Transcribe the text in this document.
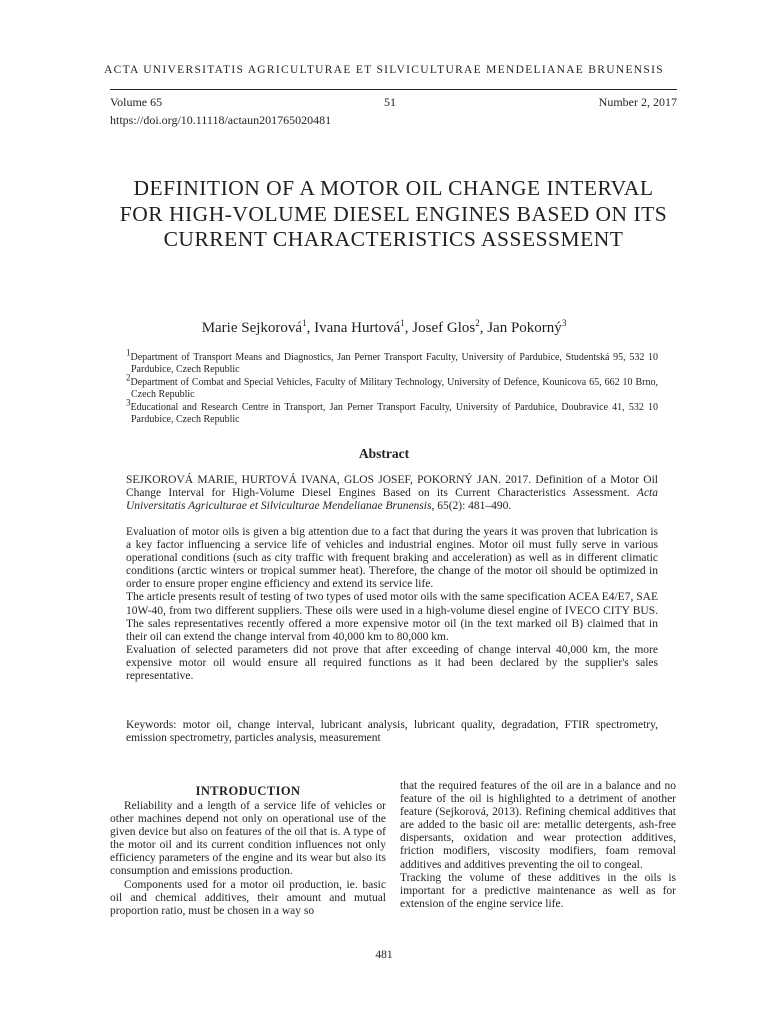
ACTA UNIVERSITATIS AGRICULTURAE ET SILVICULTURAE MENDELIANAE BRUNENSIS
Volume 65	51	Number 2, 2017
https://doi.org/10.11118/actaun201765020481
DEFINITION OF A MOTOR OIL CHANGE INTERVAL FOR HIGH-VOLUME DIESEL ENGINES BASED ON ITS CURRENT CHARACTERISTICS ASSESSMENT
Marie Sejkorová$^1$, Ivana Hurtová$^1$, Josef Glos$^2$, Jan Pokorný$^3$

$^1$Department of Transport Means and Diagnostics, Jan Perner Transport Faculty, University of Pardubice, Studentská 95, 532 10 Pardubice, Czech Republic

$^2$Department of Combat and Special Vehicles, Faculty of Military Technology, University of Defence, Kounicova 65, 662 10 Brno, Czech Republic

$^3$Educational and Research Centre in Transport, Jan Perner Transport Faculty, University of Pardubice, Doubravice 41, 532 10 Pardubice, Czech Republic

Abstract

SEJKOROVÁ MARIE, HURTOVÁ IVANA, GLOS JOSEF, POKORNÝ JAN. 2017. Definition of a Motor Oil Change Interval for High-Volume Diesel Engines Based on its Current Characteristics Assessment. Acta Universitatis Agriculturae et Silviculturae Mendelianae Brunensis, 65(2): 481–490.

Evaluation of motor oils is given a big attention due to a fact that during the years it was proven that lubrication is a key factor influencing a service life of vehicles and industrial engines. Motor oil must fully serve in various operational conditions (such as city traffic with frequent braking and acceleration) as well as in different climatic conditions (arctic winters or tropical summer heat). Therefore, the change of the motor oil should be optimized in order to ensure proper engine efficiency and extend its service life.

The article presents result of testing of two types of used motor oils with the same specification ACEA E4/E7, SAE 10W-40, from two different suppliers. These oils were used in a high-volume diesel engine of IVECO CITY BUS. The sales representatives recently offered a more expensive motor oil (in the text marked oil B) claimed that in their oil can extend the change interval from 40,000 km to 80,000 km.

Evaluation of selected parameters did not prove that after exceeding of change interval 40,000 km, the more expensive motor oil would ensure all required functions as it had been declared by the supplier's sales representative.

Keywords: motor oil, change interval, lubricant analysis, lubricant quality, degradation, FTIR spectrometry, emission spectrometry, particles analysis, measurement

INTRODUCTION

Reliability and a length of a service life of vehicles or other machines depend not only on operational use of the given device but also on features of the oil that is. A type of the motor oil and its current condition influences not only efficiency parameters of the engine and its wear but also its consumption and emissions production.

Components used for a motor oil production, ie. basic oil and chemical additives, their amount and mutual proportion ratio, must be chosen in a way so

that the required features of the oil are in a balance and no feature of the oil is highlighted to a detriment of another feature (Sejkorová, 2013). Refining chemical additives that are added to the basic oil are: metallic detergents, ash-free dispersants, oxidation and wear protection additives, friction modifiers, viscosity modifiers, foam removal additives and additives preventing the oil to congeal.

Tracking the volume of these additives in the oils is important for a predictive maintenance as well as for extension of the engine service life.

481
